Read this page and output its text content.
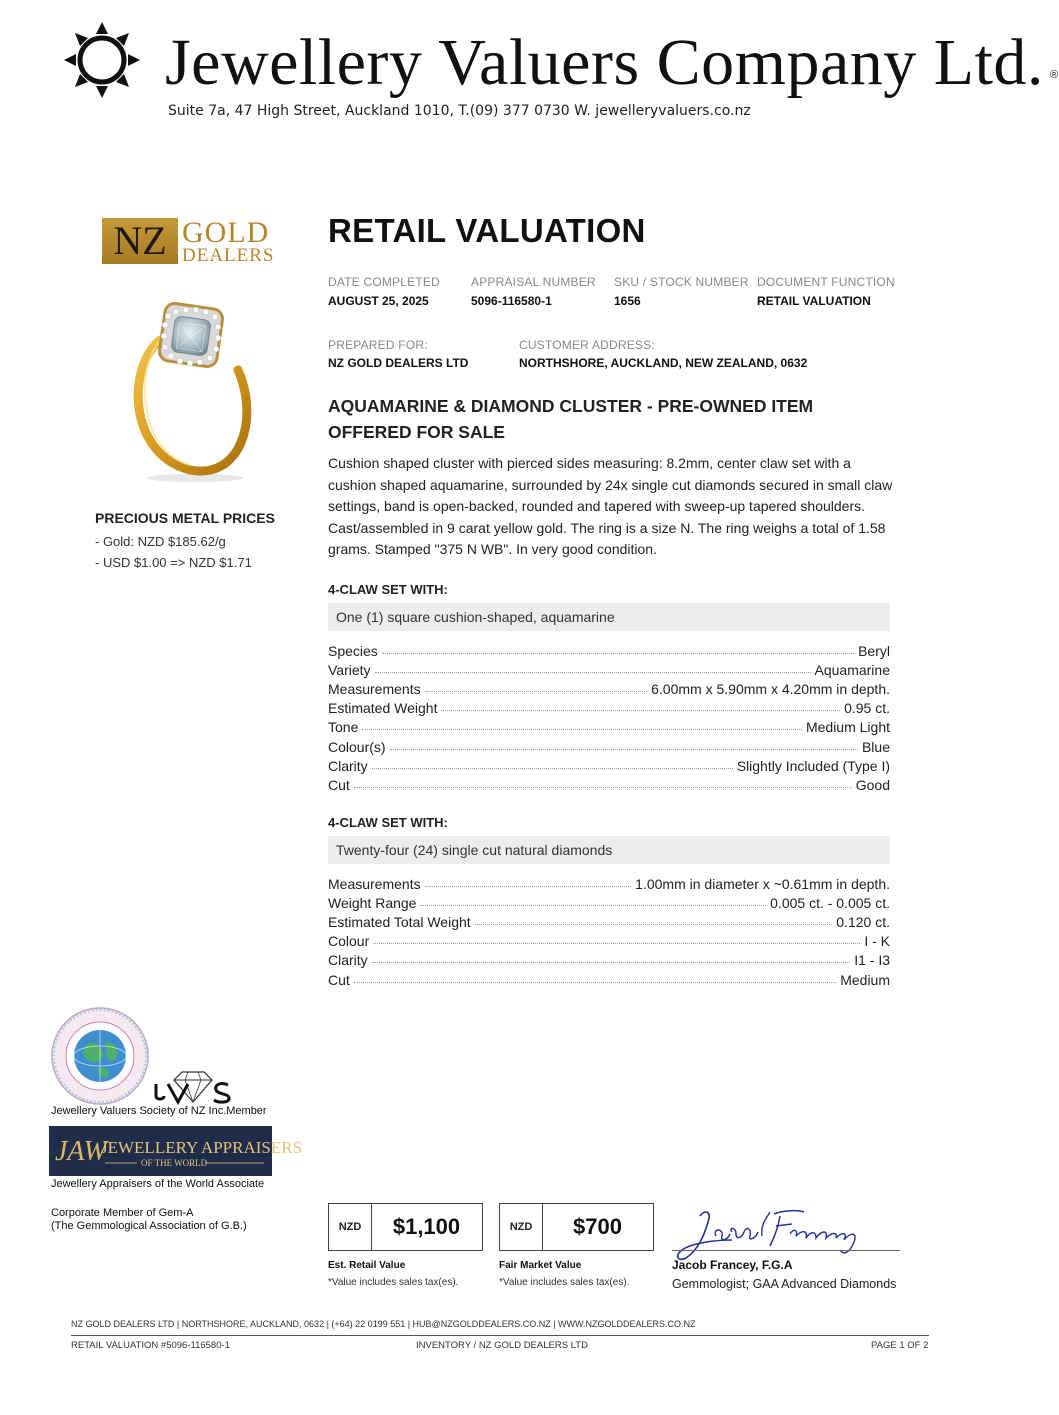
Jewellery Valuers Company Ltd. ®
Suite 7a, 47 High Street, Auckland 1010, T.(09) 377 0730 W. jewelleryvaluers.co.nz
NZ GOLD
DEALERS
PRECIOUS METAL PRICES
- Gold: NZD $185.62/g
- USD $1.00 => NZD $1.71
RETAIL VALUATION
DATE COMPLETED
AUGUST 25, 2025
APPRAISAL NUMBER
5096-116580-1
SKU / STOCK NUMBER
1656
DOCUMENT FUNCTION
RETAIL VALUATION
PREPARED FOR:
NZ GOLD DEALERS LTD
CUSTOMER ADDRESS:
NORTHSHORE, AUCKLAND, NEW ZEALAND, 0632
AQUAMARINE & DIAMOND CLUSTER - PRE-OWNED ITEM OFFERED FOR SALE
Cushion shaped cluster with pierced sides measuring: 8.2mm, center claw set with a cushion shaped aquamarine, surrounded by 24x single cut diamonds secured in small claw settings, band is open-backed, rounded and tapered with sweep-up tapered shoulders. Cast/assembled in 9 carat yellow gold. The ring is a size N. The ring weighs a total of 1.58 grams. Stamped "375 N WB". In very good condition.
4-CLAW SET WITH:
One (1) square cushion-shaped, aquamarine
Species	Beryl
Variety	Aquamarine
Measurements	6.00mm x 5.90mm x 4.20mm in depth.
Estimated Weight	0.95 ct.
Tone	Medium Light
Colour(s)	Blue
Clarity	Slightly Included (Type I)
Cut	Good
4-CLAW SET WITH:
Twenty-four (24) single cut natural diamonds
Measurements	1.00mm in diameter x ~0.61mm in depth.
Weight Range	0.005 ct. - 0.005 ct.
Estimated Total Weight	0.120 ct.
Colour	I - K
Clarity	I1 - I3
Cut	Medium
Jewellery Valuers Society of NZ Inc.Member
JAW
JEWELLERY APPRAISERS
OF THE WORLD
Jewellery Appraisers of the World Associate
Corporate Member of Gem-A
(The Gemmological Association of G.B.)	NZD	$1,100
Est. Retail Value
*Value includes sales tax(es).
NZD	$700
Fair Market Value
*Value includes sales tax(es).
Jacob Francey, F.G.A
Gemmologist; GAA Advanced Diamonds
NZ GOLD DEALERS LTD | NORTHSHORE, AUCKLAND, 0632 | (+64) 22 0199 551 | HUB@NZGOLDDEALERS.CO.NZ | WWW.NZGOLDDEALERS.CO.NZ
RETAIL VALUATION #5096-116580-1	INVENTORY / NZ GOLD DEALERS LTD	PAGE 1 OF 2
